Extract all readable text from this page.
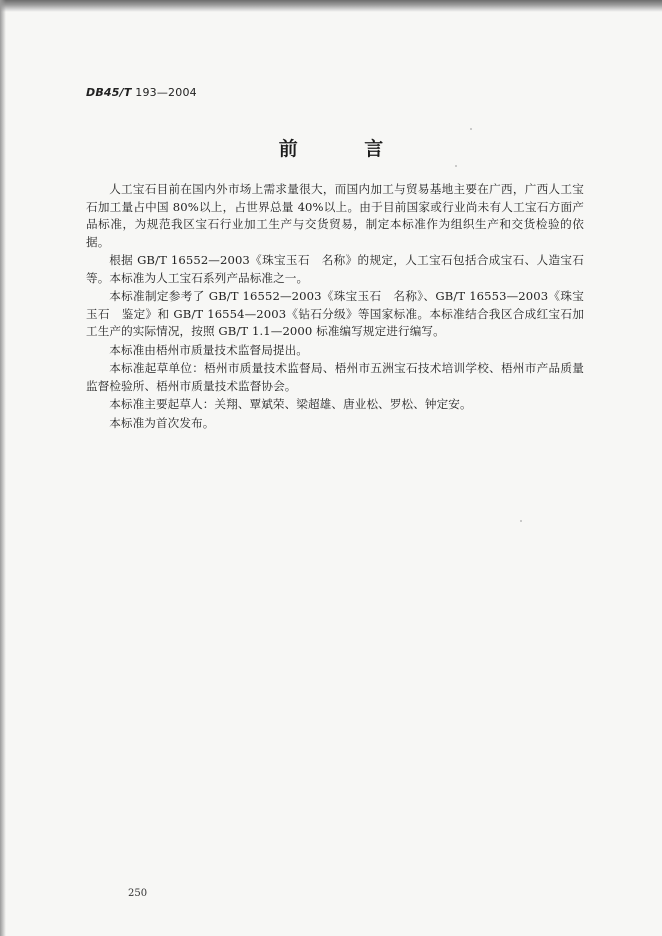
DB45/T 193—2004
前 言

人工宝石目前在国内外市场上需求量很大，而国内加工与贸易基地主要在广西，广西人工宝石加工量占中国 80%以上，占世界总量 40%以上。由于目前国家或行业尚未有人工宝石方面产品标准，为规范我区宝石行业加工生产与交货贸易，制定本标准作为组织生产和交货检验的依据。

根据 GB/T 16552—2003《珠宝玉石　名称》的规定，人工宝石包括合成宝石、人造宝石等。本标准为人工宝石系列产品标准之一。

本标准制定参考了 GB/T 16552—2003《珠宝玉石　名称》、GB/T 16553—2003《珠宝玉石　鉴定》和 GB/T 16554—2003《钻石分级》等国家标准。本标准结合我区合成红宝石加工生产的实际情况，按照 GB/T 1.1—2000 标准编写规定进行编写。

本标准由梧州市质量技术监督局提出。

本标准起草单位：梧州市质量技术监督局、梧州市五洲宝石技术培训学校、梧州市产品质量监督检验所、梧州市质量技术监督协会。

本标准主要起草人：关翔、覃斌荣、梁超雄、唐业松、罗松、钟定安。

本标准为首次发布。

250
